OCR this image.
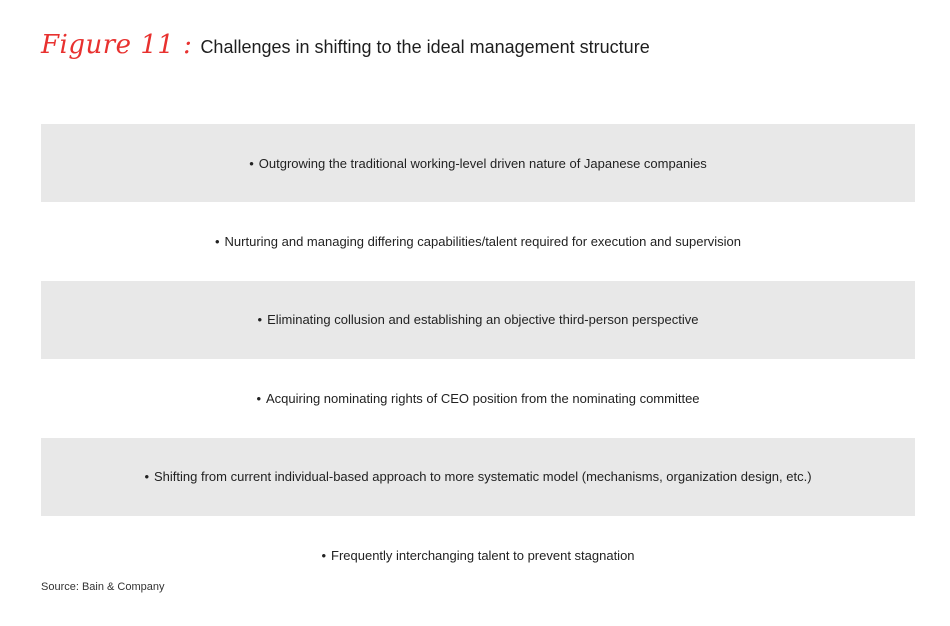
Figure 11 : Challenges in shifting to the ideal management structure
• Outgrowing the traditional working-level driven nature of Japanese companies
• Nurturing and managing differing capabilities/talent required for execution and supervision
• Eliminating collusion and establishing an objective third-person perspective
• Acquiring nominating rights of CEO position from the nominating committee
• Shifting from current individual-based approach to more systematic model (mechanisms, organization design, etc.)
• Frequently interchanging talent to prevent stagnation
Source: Bain & Company
